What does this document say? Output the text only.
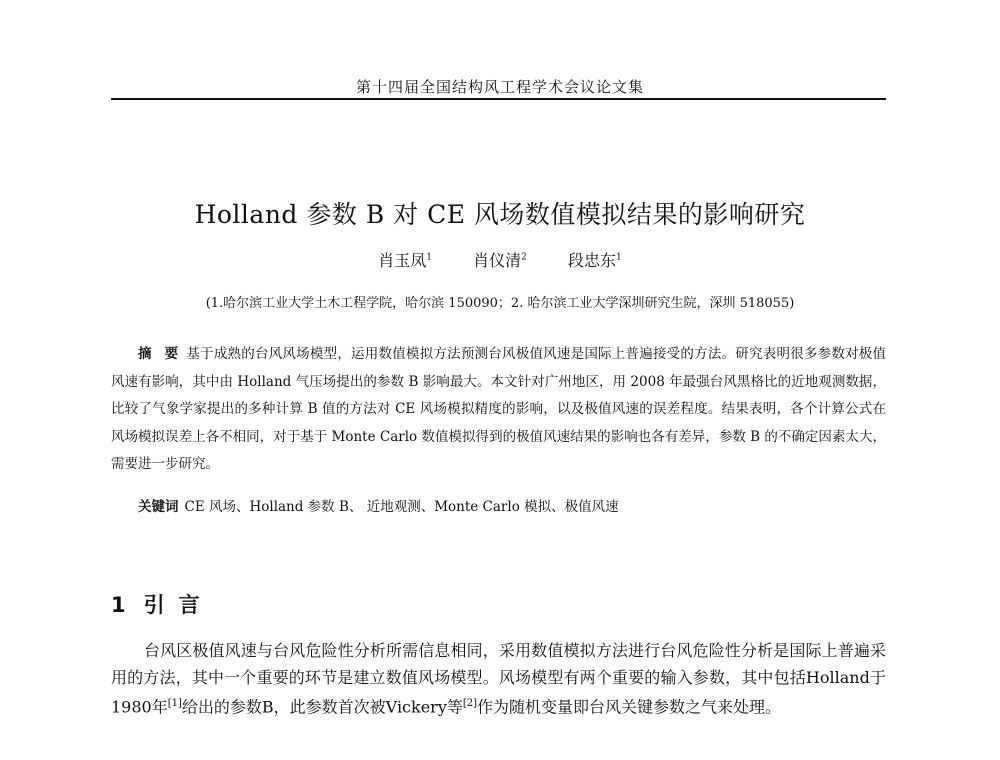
第十四届全国结构风工程学术会议论文集
Holland 参数 B 对 CE 风场数值模拟结果的影响研究
肖玉凤$^1$	肖仪清$^2$	段忠东$^1$
(1.哈尔滨工业大学土木工程学院，哈尔滨 150090；2. 哈尔滨工业大学深圳研究生院，深圳 518055)
摘 要 基于成熟的台风风场模型，运用数值模拟方法预测台风极值风速是国际上普遍接受的方法。研究表明很多参数对极值风速有影响，其中由 Holland 气压场提出的参数 B 影响最大。本文针对广州地区，用 2008 年最强台风黑格比的近地观测数据，比较了气象学家提出的多种计算 B 值的方法对 CE 风场模拟精度的影响，以及极值风速的误差程度。结果表明，各个计算公式在风场模拟误差上各不相同，对于基于 Monte Carlo 数值模拟得到的极值风速结果的影响也各有差异，参数 B 的不确定因素太大，需要进一步研究。
关键词 CE 风场、Holland 参数 B、 近地观测、Monte Carlo 模拟、极值风速
1 引言
台风区极值风速与台风危险性分析所需信息相同，采用数值模拟方法进行台风危险性分析是国际上普遍采用的方法，其中一个重要的环节是建立数值风场模型。风场模型有两个重要的输入参数，其中包括Holland于1980年[1]给出的参数B，此参数首次被Vickery等[2]作为随机变量即台风关键参数之气来处理。
